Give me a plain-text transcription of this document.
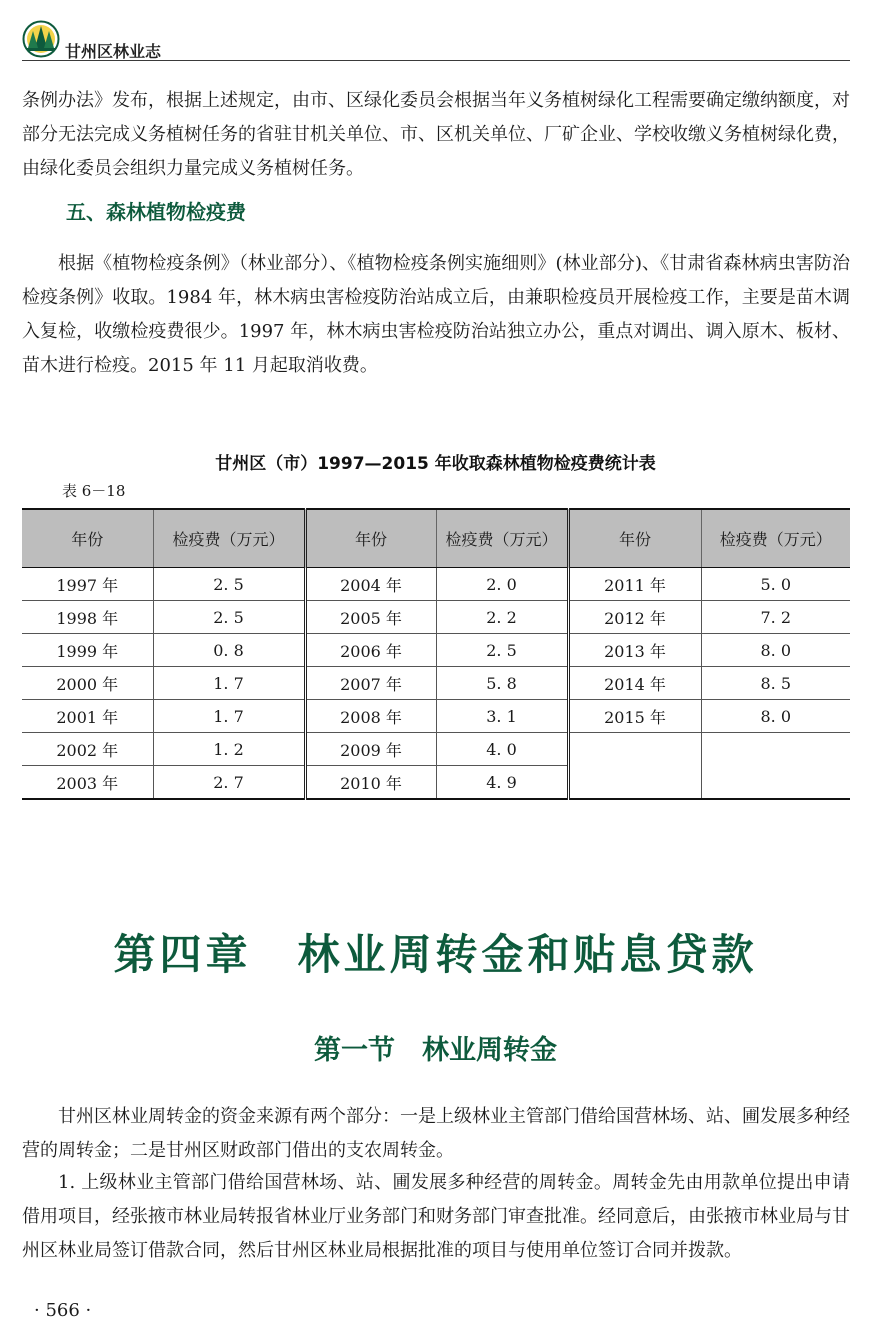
甘州区林业志

条例办法》发布，根据上述规定，由市、区绿化委员会根据当年义务植树绿化工程需要确定缴纳额度，对部分无法完成义务植树任务的省驻甘机关单位、市、区机关单位、厂矿企业、学校收缴义务植树绿化费，由绿化委员会组织力量完成义务植树任务。

五、森林植物检疫费

根据《植物检疫条例》（林业部分）、《植物检疫条例实施细则》(林业部分)、《甘肃省森林病虫害防治检疫条例》收取。1984 年，林木病虫害检疫防治站成立后，由兼职检疫员开展检疫工作，主要是苗木调入复检，收缴检疫费很少。1997 年，林木病虫害检疫防治站独立办公，重点对调出、调入原木、板材、苗木进行检疫。2015 年 11 月起取消收费。

甘州区（市）1997—2015 年收取森林植物检疫费统计表
表 6－18
年份	检疫费（万元）	年份	检疫费（万元）	年份	检疫费（万元）
1997 年	2. 5	2004 年	2. 0	2011 年	5. 0
1998 年	2. 5	2005 年	2. 2	2012 年	7. 2
1999 年	0. 8	2006 年	2. 5	2013 年	8. 0
2000 年	1. 7	2007 年	5. 8	2014 年	8. 5
2001 年	1. 7	2008 年	3. 1	2015 年	8. 0
2002 年	1. 2	2009 年	4. 0		
2003 年	2. 7	2010 年	4. 9		
第四章　林业周转金和贴息贷款
第一节　林业周转金

甘州区林业周转金的资金来源有两个部分：一是上级林业主管部门借给国营林场、站、圃发展多种经营的周转金；二是甘州区财政部门借出的支农周转金。

1. 上级林业主管部门借给国营林场、站、圃发展多种经营的周转金。周转金先由用款单位提出申请借用项目，经张掖市林业局转报省林业厅业务部门和财务部门审查批准。经同意后，由张掖市林业局与甘州区林业局签订借款合同，然后甘州区林业局根据批准的项目与使用单位签订合同并拨款。

· 566 ·
